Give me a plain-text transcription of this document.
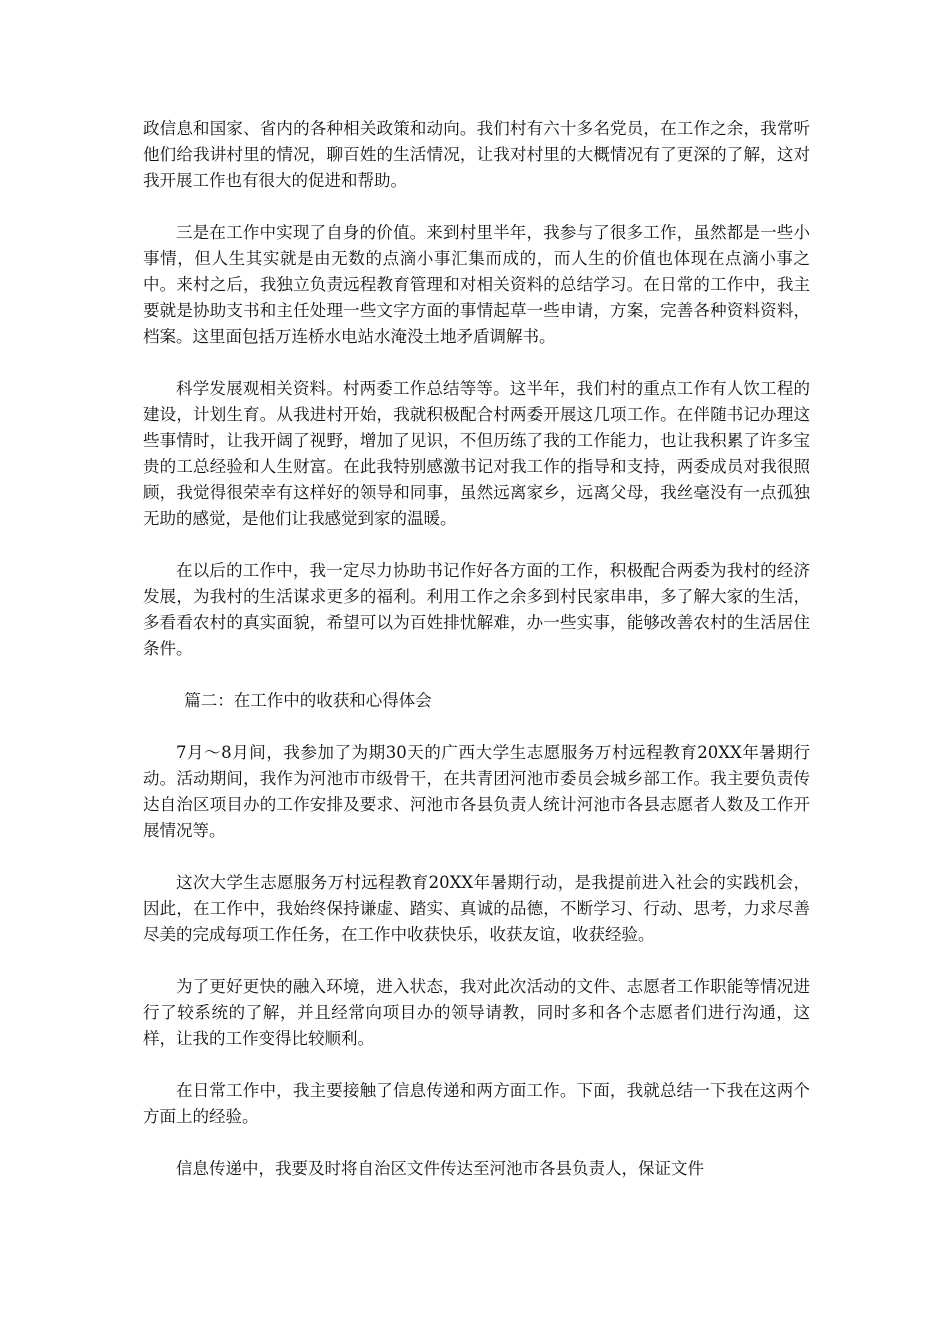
政信息和国家、省内的各种相关政策和动向。我们村有六十多名党员，在工作之余，我常听他们给我讲村里的情况，聊百姓的生活情况，让我对村里的大概情况有了更深的了解，这对我开展工作也有很大的促进和帮助。

三是在工作中实现了自身的价值。来到村里半年，我参与了很多工作，虽然都是一些小事情，但人生其实就是由无数的点滴小事汇集而成的，而人生的价值也体现在点滴小事之中。来村之后，我独立负责远程教育管理和对相关资料的总结学习。在日常的工作中，我主要就是协助支书和主任处理一些文字方面的事情起草一些申请，方案，完善各种资料资料，档案。这里面包括万连桥水电站水淹没土地矛盾调解书。

科学发展观相关资料。村两委工作总结等等。这半年，我们村的重点工作有人饮工程的建设，计划生育。从我进村开始，我就积极配合村两委开展这几项工作。在伴随书记办理这些事情时，让我开阔了视野，增加了见识，不但历练了我的工作能力，也让我积累了许多宝贵的工总经验和人生财富。在此我特别感激书记对我工作的指导和支持，两委成员对我很照顾，我觉得很荣幸有这样好的领导和同事，虽然远离家乡，远离父母，我丝毫没有一点孤独无助的感觉，是他们让我感觉到家的温暖。

在以后的工作中，我一定尽力协助书记作好各方面的工作，积极配合两委为我村的经济发展，为我村的生活谋求更多的福利。利用工作之余多到村民家串串，多了解大家的生活，多看看农村的真实面貌，希望可以为百姓排忧解难，办一些实事，能够改善农村的生活居住条件。

篇二：在工作中的收获和心得体会

7月～8月间，我参加了为期30天的广西大学生志愿服务万村远程教育20XX年暑期行动。活动期间，我作为河池市市级骨干，在共青团河池市委员会城乡部工作。我主要负责传达自治区项目办的工作安排及要求、河池市各县负责人统计河池市各县志愿者人数及工作开展情况等。

这次大学生志愿服务万村远程教育20XX年暑期行动，是我提前进入社会的实践机会，因此，在工作中，我始终保持谦虚、踏实、真诚的品德，不断学习、行动、思考，力求尽善尽美的完成每项工作任务，在工作中收获快乐，收获友谊，收获经验。

为了更好更快的融入环境，进入状态，我对此次活动的文件、志愿者工作职能等情况进行了较系统的了解，并且经常向项目办的领导请教，同时多和各个志愿者们进行沟通，这样，让我的工作变得比较顺利。

在日常工作中，我主要接触了信息传递和两方面工作。下面，我就总结一下我在这两个方面上的经验。

信息传递中，我要及时将自治区文件传达至河池市各县负责人，保证文件
